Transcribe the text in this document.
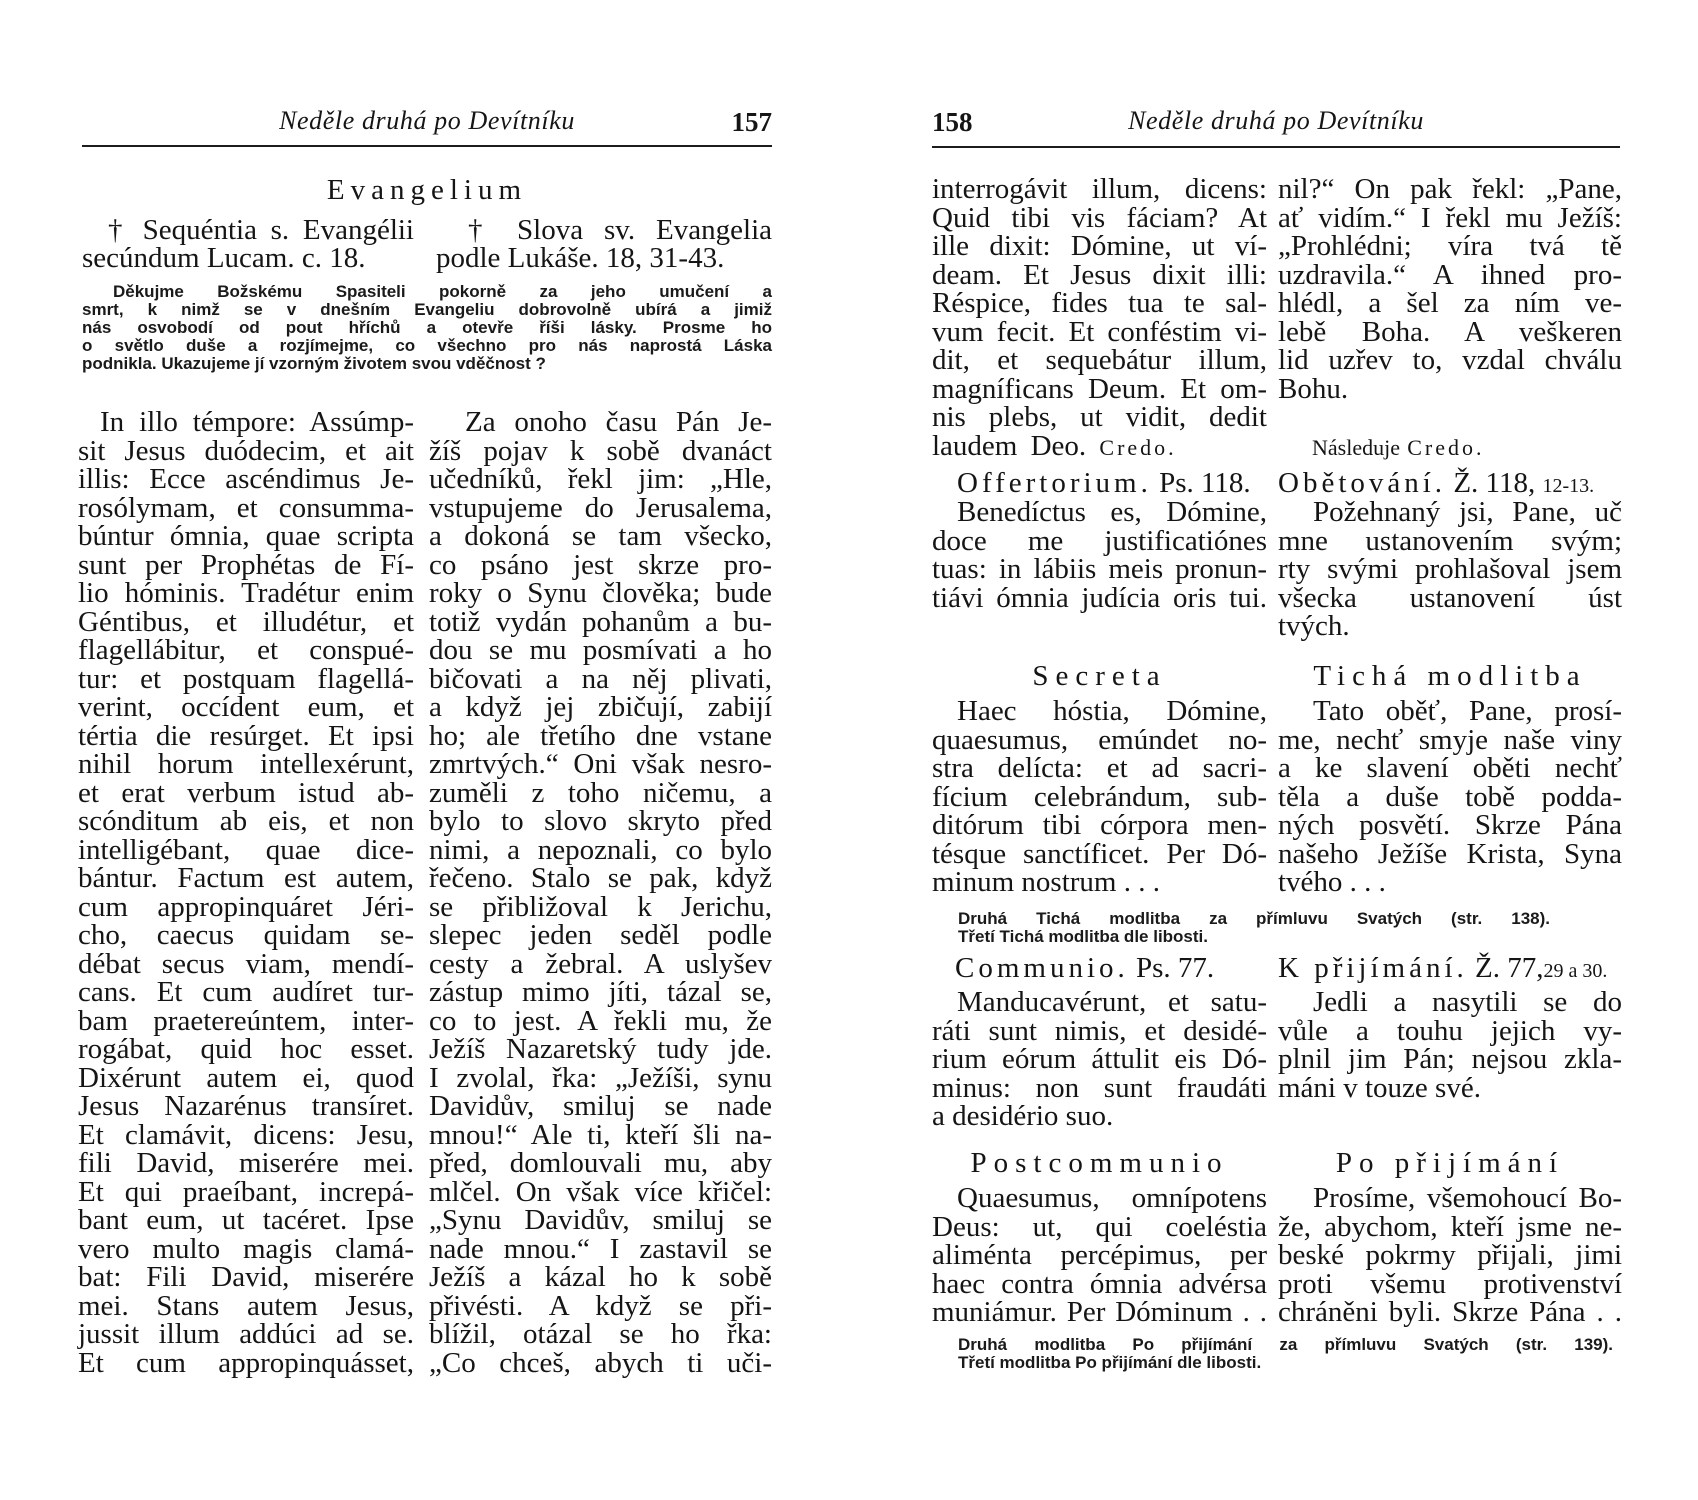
Neděle druhá po Devítníku	157
Evangelium
† Sequéntia s. Evangélii
secúndum Lucam. c. 18.
† Slova sv. Evangelia
podle Lukáše. 18, 31-43.
Děkujme Božskému Spasiteli pokorně za jeho umučení a
smrt, k nimž se v dnešním Evangeliu dobrovolně ubírá a jimiž
nás osvobodí od pout hříchů a otevře říši lásky. Prosme ho
o světlo duše a rozjímejme, co všechno pro nás naprostá Láska
podnikla. Ukazujeme jí vzorným životem svou vděčnost ?
In illo témpore: Assúmp-
sit Jesus duódecim, et ait
illis: Ecce ascéndimus Je-
rosólymam, et consumma-
búntur ómnia, quae scripta
sunt per Prophétas de Fí-
lio hóminis. Tradétur enim
Géntibus, et illudétur, et
flagellábitur, et conspué-
tur: et postquam flagellá-
verint, occídent eum, et
tértia die resúrget. Et ipsi
nihil horum intellexérunt,
et erat verbum istud ab-
scónditum ab eis, et non
intelligébant, quae dice-
bántur. Factum est autem,
cum appropinquáret Jéri-
cho, caecus quidam se-
débat secus viam, mendí-
cans. Et cum audíret tur-
bam praetereúntem, inter-
rogábat, quid hoc esset.
Dixérunt autem ei, quod
Jesus Nazarénus transíret.
Et clamávit, dicens: Jesu,
fili David, miserére mei.
Et qui praeíbant, increpá-
bant eum, ut tacéret. Ipse
vero multo magis clamá-
bat: Fili David, miserére
mei. Stans autem Jesus,
jussit illum addúci ad se.
Et cum appropinquásset,
Za onoho času Pán Je-
žíš pojav k sobě dvanáct
učedníků, řekl jim: „Hle,
vstupujeme do Jerusalema,
a dokoná se tam všecko,
co psáno jest skrze pro-
roky o Synu člověka; bude
totiž vydán pohanům a bu-
dou se mu posmívati a ho
bičovati a na něj plivati,
a když jej zbičují, zabijí
ho; ale třetího dne vstane
zmrtvých.“ Oni však nesro-
zuměli z toho ničemu, a
bylo to slovo skryto před
nimi, a nepoznali, co bylo
řečeno. Stalo se pak, když
se přibližoval k Jerichu,
slepec jeden seděl podle
cesty a žebral. A uslyšev
zástup mimo jíti, tázal se,
co to jest. A řekli mu, že
Ježíš Nazaretský tudy jde.
I zvolal, řka: „Ježíši, synu
Davidův, smiluj se nade
mnou!“ Ale ti, kteří šli na-
před, domlouvali mu, aby
mlčel. On však více křičel:
„Synu Davidův, smiluj se
nade mnou.“ I zastavil se
Ježíš a kázal ho k sobě
přivésti. A když se při-
blížil, otázal se ho řka:
„Co chceš, abych ti uči-
158	Neděle druhá po Devítníku
interrogávit illum, dicens:
Quid tibi vis fáciam? At
ille dixit: Dómine, ut ví-
deam. Et Jesus dixit illi:
Réspice, fides tua te sal-
vum fecit. Et conféstim vi-
dit, et sequebátur illum,
magníficans Deum. Et om-
nis plebs, ut vidit, dedit
laudem Deo. Credo.
nil?“ On pak řekl: „Pane,
ať vidím.“ I řekl mu Ježíš:
„Prohlédni; víra tvá tě
uzdravila.“ A ihned pro-
hlédl, a šel za ním ve-
lebě Boha. A veškeren
lid uzřev to, vzdal chválu
Bohu.
Následuje Credo.
Offertorium. Ps. 118. Obětování. Ž. 118, 12-13.
Benedíctus es, Dómine,
doce me justificatiónes
tuas: in lábiis meis pronun-
tiávi ómnia judícia oris tui.
Požehnaný jsi, Pane, uč
mne ustanovením svým;
rty svými prohlašoval jsem
všecka ustanovení úst
tvých.
Secreta	Tichá modlitba
Haec hóstia, Dómine,
quaesumus, emúndet no-
stra delícta: et ad sacri-
fícium celebrándum, sub-
ditórum tibi córpora men-
tésque sanctíficet. Per Dó-
minum nostrum . . .
Tato oběť, Pane, prosí-
me, nechť smyje naše viny
a ke slavení oběti nechť
těla a duše tobě podda-
ných posvětí. Skrze Pána
našeho Ježíše Krista, Syna
tvého . . .
Druhá Tichá modlitba za přímluvu Svatých (str. 138).
Třetí Tichá modlitba dle libosti.
Communio. Ps. 77.	K přijímání. Ž. 77,29 a 30.
Manducavérunt, et satu-
ráti sunt nimis, et desidé-
rium eórum áttulit eis Dó-
minus: non sunt fraudáti
a desidério suo.
Jedli a nasytili se do
vůle a touhu jejich vy-
plnil jim Pán; nejsou zkla-
máni v touze své.
Postcommunio	Po přijímání
Quaesumus, omnípotens
Deus: ut, qui coeléstia
aliménta percépimus, per
haec contra ómnia advérsa
muniámur. Per Dóminum . .
Prosíme, všemohoucí Bo-
že, abychom, kteří jsme ne-
beské pokrmy přijali, jimi
proti všemu protivenství
chráněni byli. Skrze Pána . .
Druhá modlitba Po přijímání za přímluvu Svatých (str. 139).
Třetí modlitba Po přijímání dle libosti.
